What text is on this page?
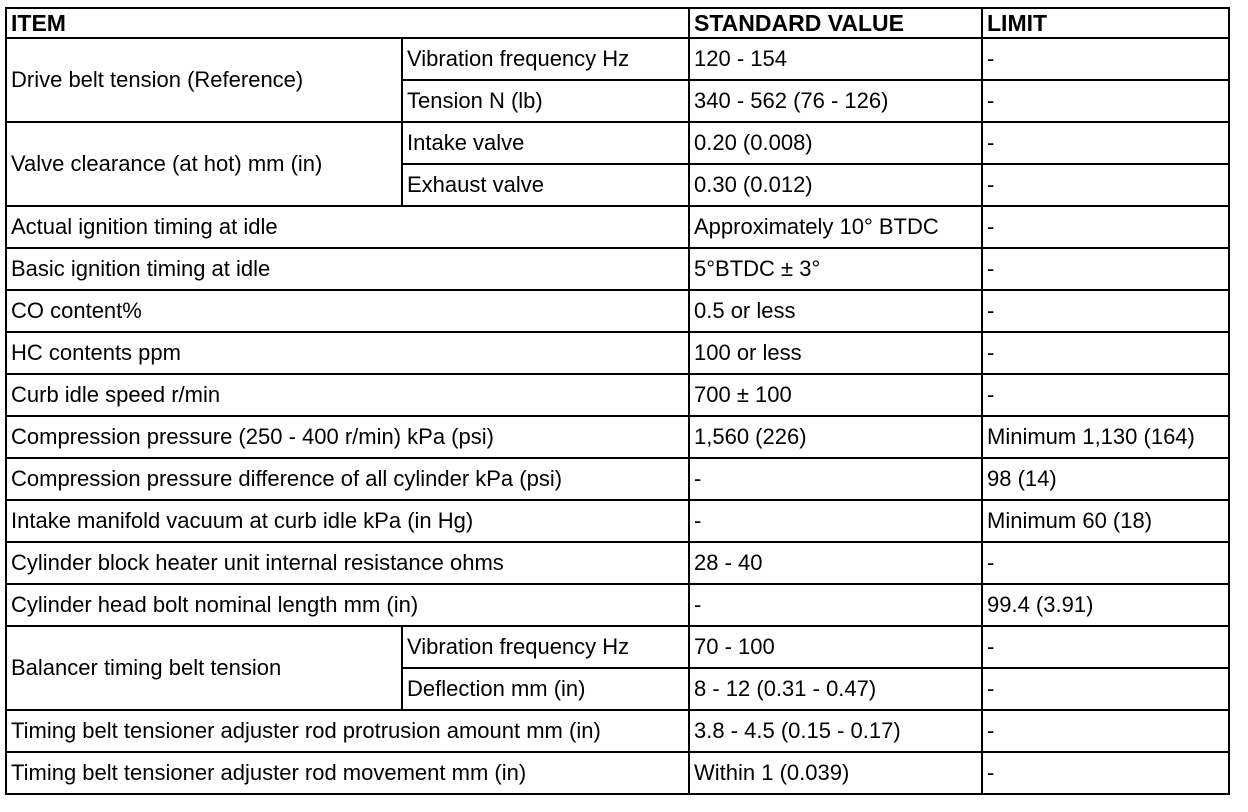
ITEM		STANDARD VALUE	LIMIT
Drive belt tension (Reference)	Vibration frequency Hz	120 - 154	-
	Tension N (lb)	340 - 562 (76 - 126)	-
Valve clearance (at hot) mm (in)	Intake valve	0.20 (0.008)	-
	Exhaust valve	0.30 (0.012)	-
Actual ignition timing at idle		Approximately 10° BTDC	-
Basic ignition timing at idle		5°BTDC ± 3°	-
CO content%		0.5 or less	-
HC contents ppm		100 or less	-
Curb idle speed r/min		700 ± 100	-
Compression pressure (250 - 400 r/min) kPa (psi)		1,560 (226)	Minimum 1,130 (164)
Compression pressure difference of all cylinder kPa (psi)		-	98 (14)
Intake manifold vacuum at curb idle kPa (in Hg)		-	Minimum 60 (18)
Cylinder block heater unit internal resistance ohms		28 - 40	-
Cylinder head bolt nominal length mm (in)		-	99.4 (3.91)
Balancer timing belt tension	Vibration frequency Hz	70 - 100	-
	Deflection mm (in)	8 - 12 (0.31 - 0.47)	-
Timing belt tensioner adjuster rod protrusion amount mm (in)		3.8 - 4.5 (0.15 - 0.17)	-
Timing belt tensioner adjuster rod movement mm (in)		Within 1 (0.039)	-
